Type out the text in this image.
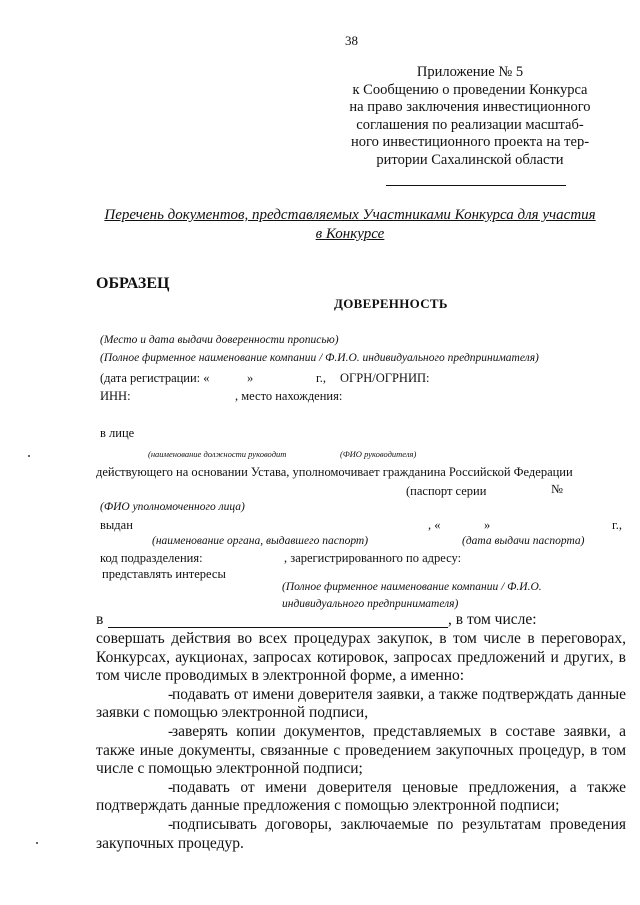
38
Приложение № 5
к Сообщению о проведении Конкурса
на право заключения инвестиционного
соглашения по реализации масштаб-
ного инвестиционного проекта на тер-
ритории Сахалинской области
Перечень документов, представляемых Участниками Конкурса для участия
в Конкурсе
ОБРАЗЕЦ
ДОВЕРЕННОСТЬ
(Место и дата выдачи доверенности прописью)
(Полное фирменное наименование компании / Ф.И.О. индивидуального предпринимателя)
(дата регистрации: «	»	г., ОГРН/ОГРНИП:
ИНН:	, место нахождения:
в лице
(наименование должности руководит	(ФИО руководителя)
действующего на основании Устава, уполномочивает гражданина Российской Федерации
(паспорт серии	№
(ФИО уполномоченного лица)
выдан	, «	»	г.,
(наименование органа, выдавшего паспорт)	(дата выдачи паспорта)
код подразделения:	, зарегистрированного по адресу:
представлять интересы
(Полное фирменное наименование компании / Ф.И.О.
индивидуального предпринимателя)
в	, в том числе:

совершать действия во всех процедурах закупок, в том числе в переговорах, Конкурсах, аукционах, запросах котировок, запросах предложений и других, в том числе проводимых в электронной форме, а именно:

-подавать от имени доверителя заявки, а также подтверждать данные заявки с помощью электронной подписи,

-заверять копии документов, представляемых в составе заявки, а также иные документы, связанные с проведением закупочных процедур, в том числе с помощью электронной подписи;

-подавать от имени доверителя ценовые предложения, а также подтверждать данные предложения с помощью электронной подписи;

-подписывать договоры, заключаемые по результатам проведения закупочных процедур.
